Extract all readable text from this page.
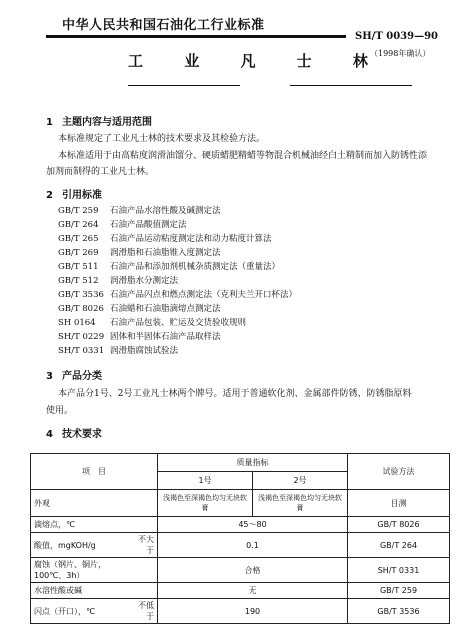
中华人民共和国石油化工行业标准
SH/T 0039—90
（1998年确认）
工 业 凡 士 林
1 主题内容与适用范围
本标准规定了工业凡士林的技术要求及其检验方法。
本标准适用于由高粘度润滑油馏分、硬质蜡肥精蜡等物混合机械油经白土精制而加入防锈性添
加剂而制得的工业凡士林。
2 引用标准
GB/T 259 石油产品水溶性酸及碱测定法
GB/T 264 石油产品酸值测定法
GB/T 265 石油产品运动粘度测定法和动力粘度计算法
GB/T 269 润滑脂和石油脂锥入度测定法
GB/T 511 石油产品和添加剂机械杂质测定法（重量法）
GB/T 512 润滑脂水分测定法
GB/T 3536 石油产品闪点和燃点测定法（克利夫兰开口杯法）
GB/T 8026 石油蜡和石油脂滴熔点测定法
SH 0164 石油产品包装、贮运及交货验收规则
SH/T 0229 固体和半固体石油产品取样法
SH/T 0331 润滑脂腐蚀试验法
3 产品分类
本产品分1号、2号工业凡士林两个牌号。适用于普通软化剂、金属部件防锈、防锈脂原料
使用。
4 技术要求
项　目		质量指标		试验方法
		1号	2号	
外观		浅褐色至深褐色均匀无块软膏	浅褐色至深褐色均匀无块软膏	目测
滴熔点，℃		45～80		GB/T 8026
酸值，mgKOH/g	不大于	0.1		GB/T 264
腐蚀（钢片、铜片，100℃、3h）		合格		SH/T 0331
水溶性酸或碱		无		GB/T 259
闪点（开口），℃	不低于	190		GB/T 3536
